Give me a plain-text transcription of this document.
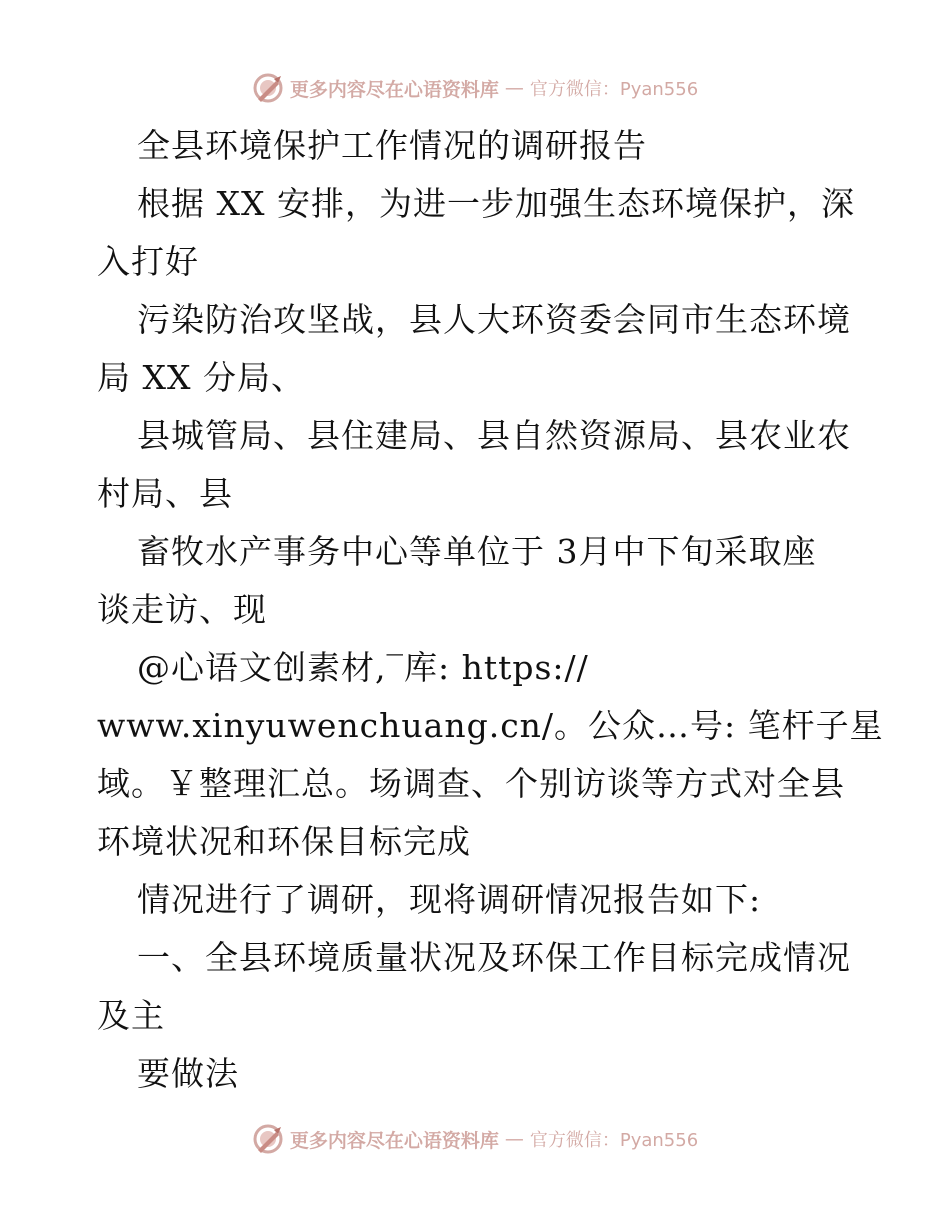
更多内容尽在心语资料库 — 官方微信：Pyan556
全县环境保护工作情况的调研报告
根据 XX 安排，为进一步加强生态环境保护，深
入打好
污染防治攻坚战，县人大环资委会同市生态环境
局 XX 分局、
县城管局、县住建局、县自然资源局、县农业农
村局、县
畜牧水产事务中心等单位于 3月中下旬采取座
谈走访、现
@心语文创素材,‾库: https://
www.xinyuwenchuang.cn/。公众…号: 笔杆子星
域。￥整理汇总。场调查、个别访谈等方式对全县
环境状况和环保目标完成
情况进行了调研，现将调研情况报告如下:
一、全县环境质量状况及环保工作目标完成情况
及主
要做法
更多内容尽在心语资料库 — 官方微信：Pyan556
